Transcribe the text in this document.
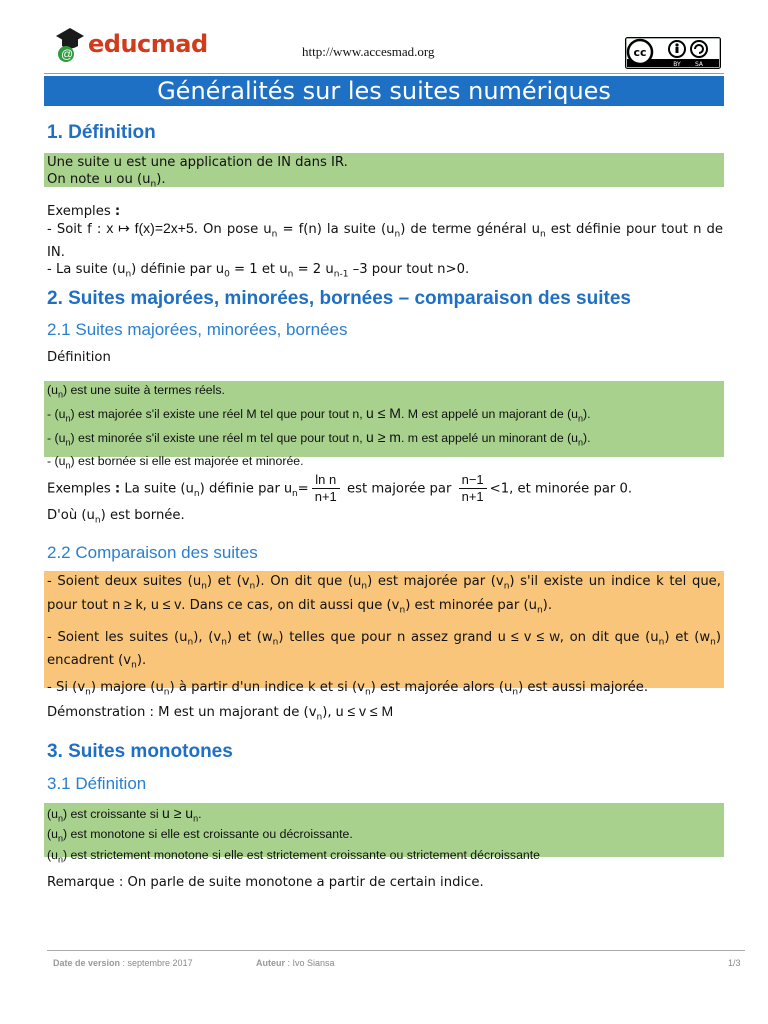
@ educmad	http://www.accesmad.org	cc
BY SA
Généralités sur les suites numériques
1. Définition
Une suite u est une application de IN dans IR.
On note u ou $(u_n)$.
Exemples :
- Soit f : x ↦ f(x)=2x+5. On pose $u_n = f(n)$ la suite $(u_n)$ de terme général $u_n$ est définie pour tout n de IN.
- La suite $(u_n)$ définie par $u_0 = 1$ et $u_n = 2$ $u_{n-1}$ –3 pour tout n>0.
2. Suites majorées, minorées, bornées – comparaison des suites
2.1 Suites majorées, minorées, bornées
Définition
$(u_n)$ est une suite à termes réels.
- $(u_n)$ est majorée s'il existe une réel M tel que pour tout n, u ≤ M. M est appelé un majorant de $(u_n)$.
- $(u_n)$ est minorée s'il existe une réel m tel que pour tout n, u ≥ m. m est appelé un minorant de $(u_n)$.
- $(u_n)$ est bornée si elle est majorée et minorée.
Exemples : La suite $(u_n)$ définie par $u_n= \frac{\text{ln n}}{n+1}$ est majorée par $\frac{n-1}{n+1} <1$, et minorée par 0.
D'où $(u_n)$ est bornée.
2.2 Comparaison des suites
- Soient deux suites $(u_n)$ et $(v_n)$. On dit que $(u_n)$ est majorée par $(v_n)$ s'il existe un indice k tel que, pour tout n ≥ k, u ≤ v. Dans ce cas, on dit aussi que $(v_n)$ est minorée par $(u_n)$.
- Soient les suites $(u_n)$, $(v_n)$ et $(w_n)$ telles que pour n assez grand u ≤ v ≤ w, on dit que $(u_n)$ et $(w_n)$ encadrent $(v_n)$.
- Si $(v_n)$ majore $(u_n)$ à partir d'un indice k et si $(v_n)$ est majorée alors $(u_n)$ est aussi majorée.
Démonstration : M est un majorant de $(v_n)$, u ≤ v ≤ M
3. Suites monotones
3.1 Définition
$(u_n)$ est croissante si $u \ge u_n$.
$(u_n)$ est monotone si elle est croissante ou décroissante.
$(u_n)$ est strictement monotone si elle est strictement croissante ou strictement décroissante
Remarque : On parle de suite monotone a partir de certain indice.
Date de version : septembre 2017	Auteur : Ivo Siansa	1/3
